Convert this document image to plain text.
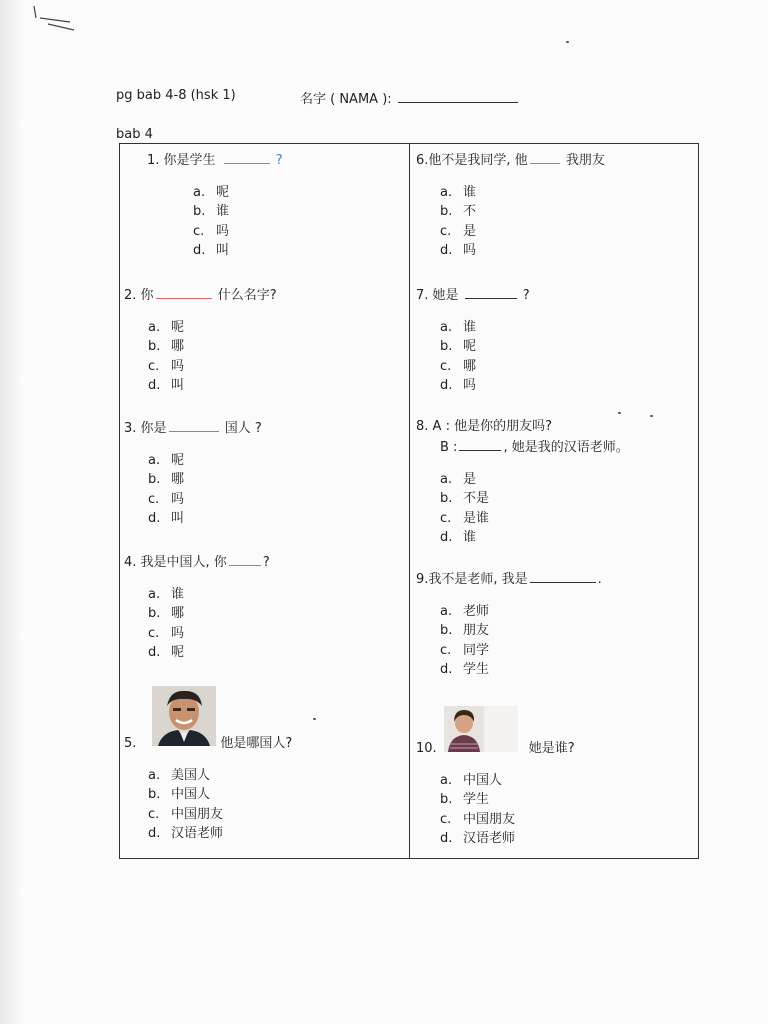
pg bab 4-8 (hsk 1)	名字 ( NAMA ):
bab 4
1. 你是学生	?
a. 呢
b. 谁
c. 吗
d. 叫
2. 你	什么名字?
a. 呢
b. 哪
c. 吗
d. 叫
3. 你是	国人 ?
a. 呢
b. 哪
c. 吗
d. 叫
4. 我是中国人, 你	?
a. 谁
b. 哪
c. 吗
d. 呢
5.	他是哪国人?
a. 美国人
b. 中国人
c. 中国朋友
d. 汉语老师
6.他不是我同学, 他	我朋友
a. 谁
b. 不
c. 是
d. 吗
7. 她是	?
a. 谁
b. 呢
c. 哪
d. 吗
8. A : 他是你的朋友吗?
B :	, 她是我的汉语老师。
a. 是
b. 不是
c. 是谁
d. 谁
9.我不是老师, 我是	.
a. 老师
b. 朋友
c. 同学
d. 学生
10.	她是谁?
a. 中国人
b. 学生
c. 中国朋友
d. 汉语老师
